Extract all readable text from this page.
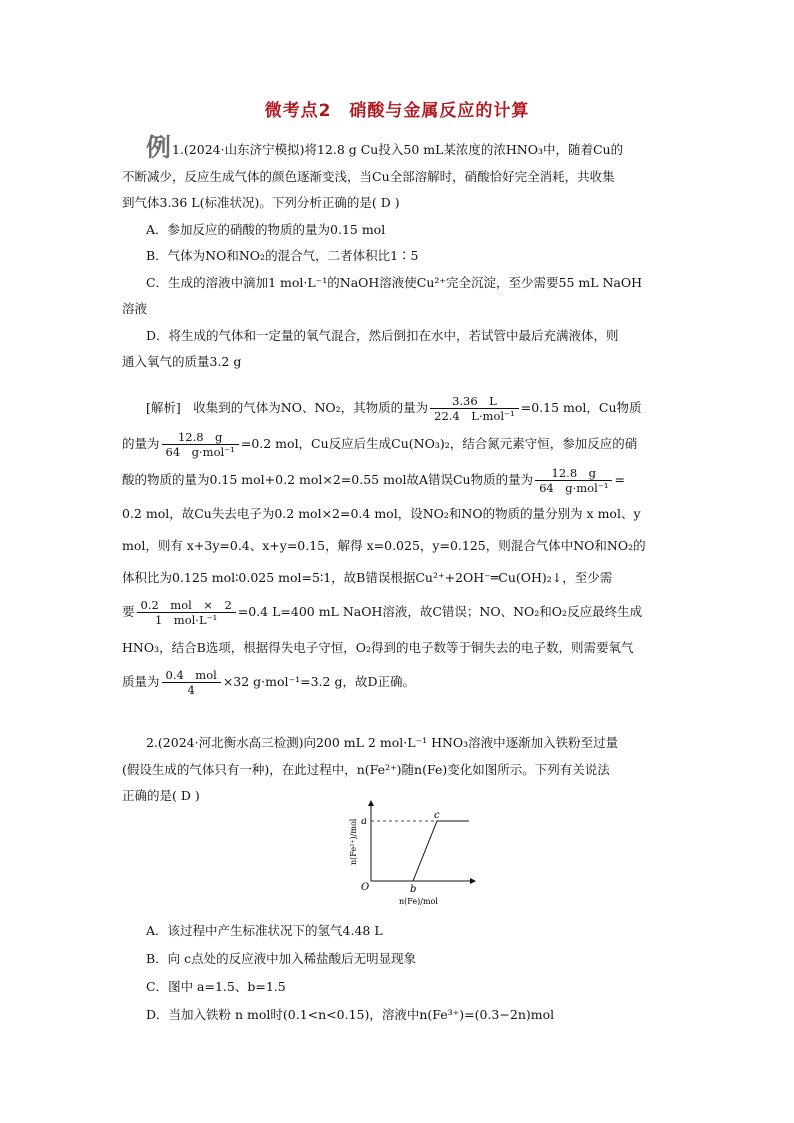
微考点2　硝酸与金属反应的计算
例 1.(2024·山东济宁模拟)将12.8 g Cu投入50 mL某浓度的浓HNO₃中，随着Cu的
不断减少，反应生成气体的颜色逐渐变浅，当Cu全部溶解时，硝酸恰好完全消耗，共收集
到气体3.36 L(标准状况)。下列分析正确的是( D )
A．参加反应的硝酸的物质的量为0.15 mol
B．气体为NO和NO₂的混合气，二者体积比1∶5
C．生成的溶液中滴加1 mol·L⁻¹的NaOH溶液使Cu²⁺完全沉淀，至少需要55 mL NaOH
溶液
D．将生成的气体和一定量的氧气混合，然后倒扣在水中，若试管中最后充满液体，则
通入氧气的质量3.2 g
[解析]　收集到的气体为NO、NO₂，其物质的量为 $\frac{3.36 L}{\text{22.4　L·mol⁻¹}} =0.15$ mol，Cu物质
的量为 $\frac{12.8 g}{\text{64　g·mol⁻¹}} =0.2$ mol，Cu反应后生成Cu(NO₃)₂，结合氮元素守恒，参加反应的硝
酸的物质的量为0.15 mol+0.2 mol×2=0.55 mol故A错误Cu物质的量为 $\frac{12.8 g}{\text{64　g·mol⁻¹}}$ =
0.2 mol，故Cu失去电子为0.2 mol×2=0.4 mol，设NO₂和NO的物质的量分别为 x mol、y
mol，则有 x+3y=0.4、x+y=0.15，解得 x=0.025，y=0.125，则混合气体中NO和NO₂的
体积比为0.125 mol∶0.025 mol=5∶1，故B错误根据Cu²⁺+2OH⁻═Cu(OH)₂↓，至少需
要 $\frac{\text{0.2　mol　×　2}}{\text{1　mol·L⁻¹}} =0.4$ L=400 mL NaOH溶液，故C错误；NO、NO₂和O₂反应最终生成
HNO₃，结合B选项，根据得失电子守恒，O₂得到的电子数等于铜失去的电子数，则需要氧气
质量为 $\frac{\text{0.4　mol}}{4} \times 32$ g·mol⁻¹=3.2 g，故D正确。
2.(2024·河北衡水高三检测)向200 mL 2 mol·L⁻¹ HNO₃溶液中逐渐加入铁粉至过量
(假设生成的气体只有一种)，在此过程中，n(Fe²⁺)随n(Fe)变化如图所示。下列有关说法
正确的是( D )
O
a
b
c
n(Fe)/mol
n(Fe²⁺)/mol
A．该过程中产生标准状况下的氢气4.48 L
B．向 c点处的反应液中加入稀盐酸后无明显现象
C．图中 a=1.5、b=1.5
D．当加入铁粉 n mol时(0.1<n<0.15)，溶液中n(Fe³⁺)=(0.3−2n)mol
